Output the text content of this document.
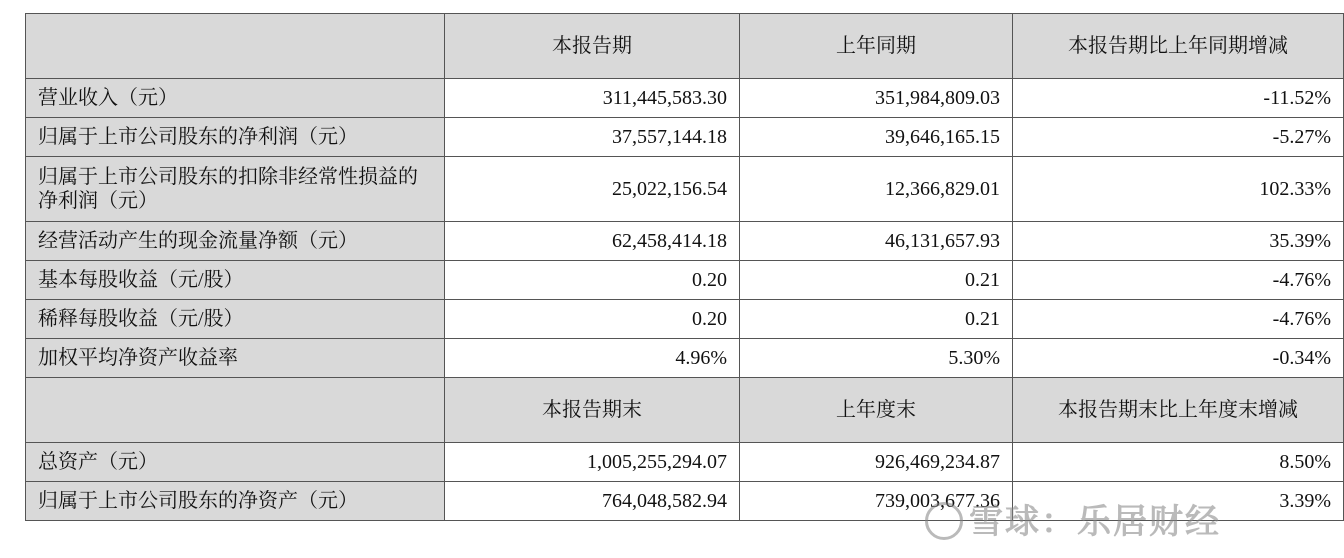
	本报告期	上年同期	本报告期比上年同期增减
营业收入（元）	311,445,583.30	351,984,809.03	-11.52%
归属于上市公司股东的净利润（元）	37,557,144.18	39,646,165.15	-5.27%
归属于上市公司股东的扣除非经常性损益的净利润（元）	25,022,156.54	12,366,829.01	102.33%
经营活动产生的现金流量净额（元）	62,458,414.18	46,131,657.93	35.39%
基本每股收益（元/股）	0.20	0.21	-4.76%
稀释每股收益（元/股）	0.20	0.21	-4.76%
加权平均净资产收益率	4.96%	5.30%	-0.34%
	本报告期末	上年度末	本报告期末比上年度末增减
总资产（元）	1,005,255,294.07	926,469,234.87	8.50%
归属于上市公司股东的净资产（元）	764,048,582.94	739,003,677.36	3.39%
雪球：乐居财经
